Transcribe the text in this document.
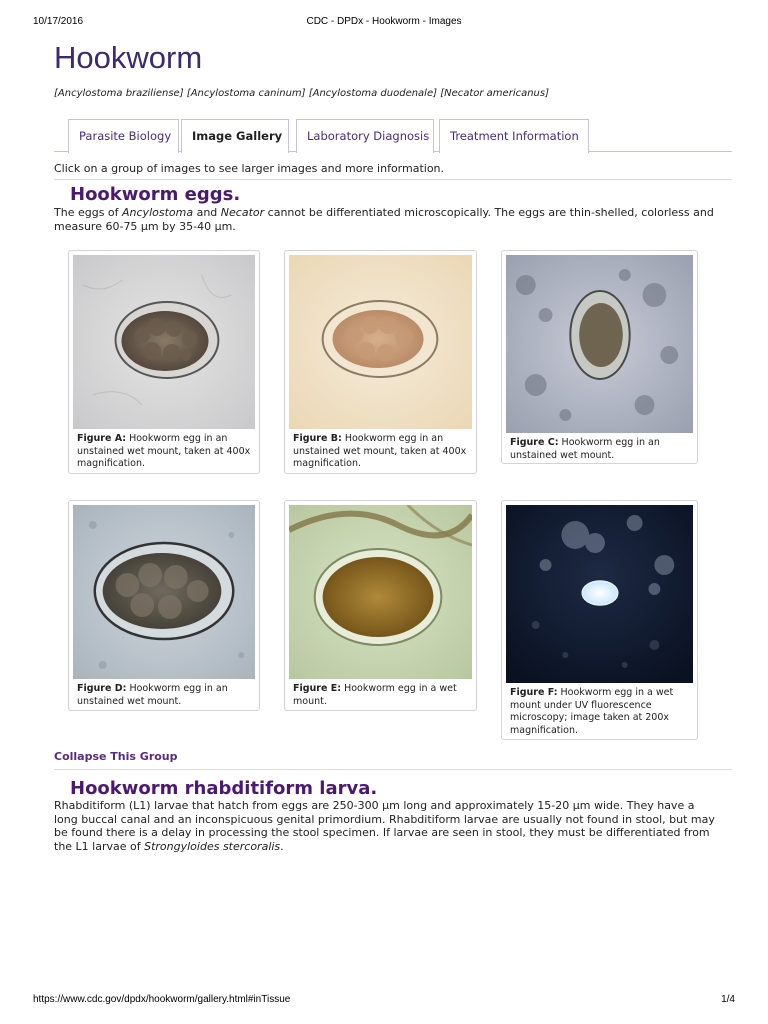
10/17/2016	CDC - DPDx - Hookworm - Images
Hookworm
[Ancylostoma braziliense] [Ancylostoma caninum] [Ancylostoma duodenale] [Necator americanus]
Parasite Biology	Image Gallery	Laboratory Diagnosis	Treatment Information
Click on a group of images to see larger images and more information.
Hookworm eggs.

The eggs of Ancylostoma and Necator cannot be differentiated microscopically. The eggs are thin-shelled, colorless and measure 60-75 µm by 35-40 µm.

Figure A: Hookworm egg in an unstained wet mount, taken at 400x magnification.
Figure B: Hookworm egg in an unstained wet mount, taken at 400x magnification.
Figure C: Hookworm egg in an unstained wet mount.
Figure D: Hookworm egg in an unstained wet mount.
Figure E: Hookworm egg in a wet mount.
Figure F: Hookworm egg in a wet mount under UV fluorescence microscopy; image taken at 200x magnification.
Collapse This Group
Hookworm rhabditiform larva.

Rhabditiform (L1) larvae that hatch from eggs are 250-300 µm long and approximately 15-20 µm wide. They have a long buccal canal and an inconspicuous genital primordium. Rhabditiform larvae are usually not found in stool, but may be found there is a delay in processing the stool specimen. If larvae are seen in stool, they must be differentiated from the L1 larvae of Strongyloides stercoralis.

https://www.cdc.gov/dpdx/hookworm/gallery.html#inTissue	1/4
